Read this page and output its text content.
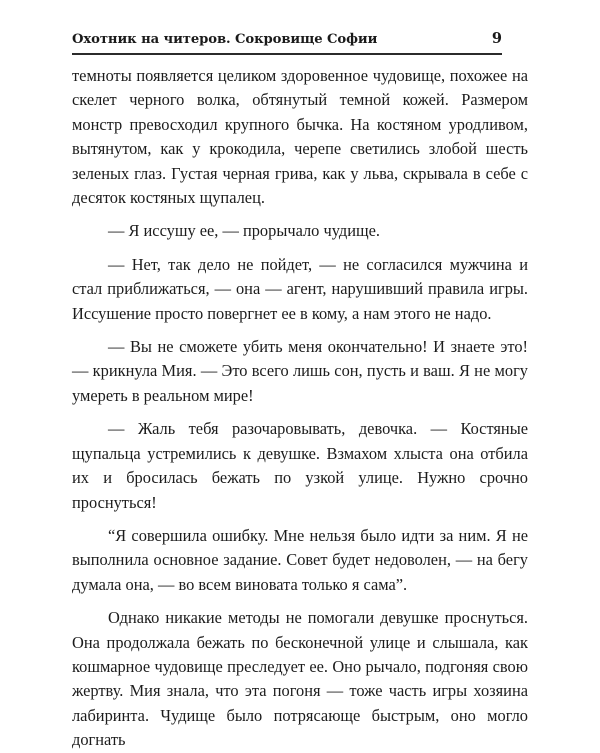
Охотник на читеров. Сокровище Софии	9

темноты появляется целиком здоровенное чудовище, похожее на скелет черного волка, обтянутый темной кожей. Размером монстр превосходил крупного бычка. На костяном уродливом, вытянутом, как у крокодила, черепе светились злобой шесть зеленых глаз. Густая черная грива, как у льва, скрывала в себе с десяток костяных щупалец.

— Я иссушу ее, — прорычало чудище.

— Нет, так дело не пойдет, — не согласился мужчина и стал приближаться, — она — агент, нарушивший правила игры. Иссушение просто повергнет ее в кому, а нам этого не надо.

— Вы не сможете убить меня окончательно! И знаете это! — крикнула Мия. — Это всего лишь сон, пусть и ваш. Я не могу умереть в реальном мире!

— Жаль тебя разочаровывать, девочка. — Костяные щупальца устремились к девушке. Взмахом хлыста она отбила их и бросилась бежать по узкой улице. Нужно срочно проснуться!

“Я совершила ошибку. Мне нельзя было идти за ним. Я не выполнила основное задание. Совет будет недоволен, — на бегу думала она, — во всем виновата только я сама”.

Однако никакие методы не помогали девушке проснуться. Она продолжала бежать по бесконечной улице и слышала, как кошмарное чудовище преследует ее. Оно рычало, подгоняя свою жертву. Мия знала, что эта погоня — тоже часть игры хозяина лабиринта. Чудище было потрясающе быстрым, оно могло догнать
